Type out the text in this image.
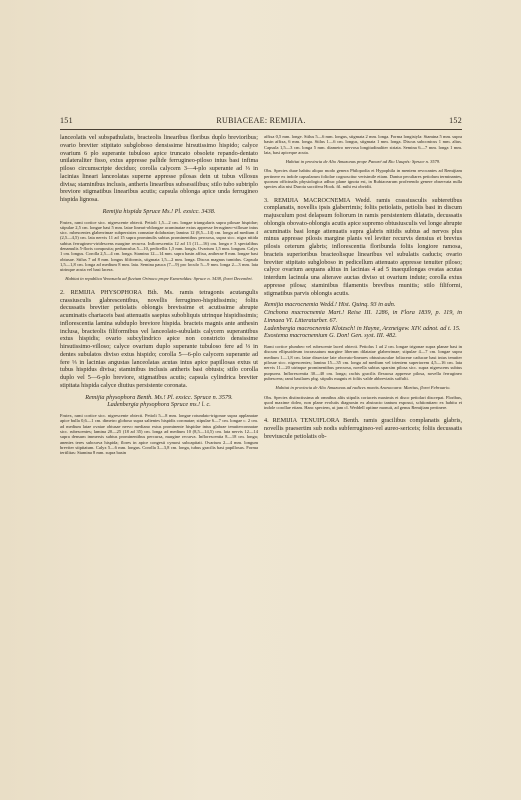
151	RUBIACEAE: REMIJIA.	152

lanceolatis vel subspathulatis, bracteolis linearibus floribus duplo brevioribus; ovario breviter stipitato subgloboso densissime hirsutissimo hispido; calyce ovarium 6 plo superante tubuloso apice truncato obsolete repando-dentato unilateraliter fisso, extus appresse pallide ferrugineo-piloso intus basi infima piloso circumscripte deciduo; corolla calycem 3—4-plo superante ad ⅓ in lacinias lineari lanceolatas superne appresse pilosas dein ut tubus villosus divisa; staminibus inclusis, antheris linearibus subsessilibus; stilo tubo subtriplo breviore stigmatibus linearibus acutis; capsula oblonga apice unda ferrugineo hispida lignosa.

Remijia hispida Spruce Ms.! Pl. exsicc. 3438.

Frutex, rami cortice sicc. nigrescente obtecti. Petioli 1,5—2 cm. longae triangularis supra pilosae hispidae; stipulae 2,5 cm. longae basi 5 mm. latae lineari-oblongae acuminatae extus appresse ferrugineo-villosae intus sicc. rubescentes glaberrimae subpersistes connatae dolabratae; lamina 12 (8,5—14) cm. longa ad medium 4 (2,5—4,5) cm. lata nervis 11 ad 15 supra prominulis subtus prominentibus percursa, supra sicc. nigra nitida subtus ferrugineo-viridescens margine recurva. Inflorescentia 12 ad 13 (11—16) cm. longa e 3 specialibus denamulis 5-floris composita; pedunculus 5—10, pedicellis 1,5 mm. longis. Ovarium 1,5 mm. longum. Calyx 1 cm. longus. Corolla 2,5—4 cm. longa. Stamina 12—14 mm. supra basin affixa, antherae 8 mm. longae basi obtusae. Stilus 7 ad 8 mm. longus filiformis, stigmata 1,5—2 mm. longa. Discus magnus tumidus. Capsula 1,5—1,8 cm. longa ad medium 8 mm. lata. Semina pauca (7—9) pro loculo 5—9 mm. longa 2—3 mm. lata utrinque acuta vel basi lacera.

Habitat in republica Venezuela ad fluvium Orinoco prope Esmeraldas: Spruce n. 3438, floret Decembri.

2. REMIJIA PHYSOPHORA Bth. Ms. ramis tetragonis acutangulis crassiusculis glabrescentibus, novellis ferrugineo-hispidissimis; foliis decussatis breviter petiolatis oblongis brevissime et acutissime abrupte acuminatis chartaceis basi attenuatis saepius subobliquis utrinque hispidissimis; inflorescentia lamina subduplo breviore hispida. bracteis magnis ante anthesin inclusa, bracteolis filiformibus vel lanceolato-subulatis calycem superantibus extus hispidis; ovario subcylindrico apice non constricto densissime hirsutissimo-villoso; calyce ovarium duplo superante tubuloso fere ad ⅓ in dentes subulatos diviso extus hispido; corolla 5—6-plo calycem superante ad fere ⅓ in lacinias angustas lanceolatas acutas intus apice papillosas extus ut tubus hispidus divisa; staminibus inclusis antheris basi obtusis; stilo corolla duplo vel 5—6-plo breviore, stigmatibus acutis; capsula cylindrica breviter stipitata hispida calyce diutius persistente coronata.

Remijia physophora Benth. Ms.! Pl. exsicc. Spruce n. 3579.

Ladenbergia physophora Spruce ms.! l. c.

Frutex, rami cortice sicc. nigrescente obtecti. Petioli 5—8 mm. longae rotundato-trigonae supra applanatae apice bulla 0,6—1 cm. dimetro globoso supra salientes hispidis coronatae; stipulae 6—7 cm. longae c. 2 cm. ad medium latae ovatae obtusae nervo mediano extus prominente hispidae intus glabrae tenuiterconnatae sicc. rubescentes; lamina 20—25 (18 ad 35) cm. longa ad medium 10 (8,5—14,5) cm. lata nervis 12—14 supra densum immersis subtus prominentibus percursa, margine recurva. Inflorescentia 8—18 cm. longa; anenies teres subcurva hispida; flores in apice congesti cymosi subcapitati. Ovarium 2—4 mm. longum breviter stipitatum. Calyx 5—6 mm. longus. Corolla 3—3,8 cm. longa, tubus gracilis basi papillosus. Forma tertilitas: Stamina 8 mm. supra basin

affixa 0,5 mm. longe. Stilus 5—6 mm. longus, stigmata 2 mm. longa. Forma longistyla: Stamina 5 mm. supra basin affixa, 6 mm. longa. Stilus 1—6 cm. longus, stigmata 1 mm. longa. Discus subconicus 1 mm. altus. Capsula 1,5—3 cm. longa 5 mm. diametro nervosa longitudinaliter striata. Semina 6—7 mm. longa 1 mm. lata, basi apiceque acuta.

Habitat in provincia de Alto Amazonas prope Panuré ad Rio Uaupés: Spruce n. 3579.

Obs. Species duae habitu aliquo modo genera Philopodia et Hypophila in mentem revocantes ad Remijiam pertinere ex indole capsularum foliolae cognoscitur verisimile etiam. Dantur peculiares petiolum terminantes, quorum officinalis physiologica adhuc plane ignota est, in Rubiacearum proferendo genere observata nulla species alia nisi Duroia saccifera Hook. fil. mihi est obvidit.

3. REMIJIA MACROCNEMIA Wedd. ramis crassiusculis subteretibus complanatis, novellis ipsis glaberrimis; foliis petiolatis, petiolis basi in discum majusculum post delapsum foliorum in ramis persistentem dilatatis, decussatis oblongis obovato-oblongis acutis apice supremo obtusiusculis vel longe abrupte acuminatis basi longe attenuatis supra glabris nitidis subtus ad nervos plus minus appresse pilosis margine planis vel leviter recurvis densius et brevius pilosis ceterum glabris; inflorescentia floribunda foliis longiore ramosa, bracteis superioribus bracteolisque linearibus vel subulatis caducis; ovario breviter stipitato subgloboso in pedicellum attenuato appresse tenuiter piloso; calyce ovarium aequans altius in lacinias 4 ad 5 inaequilongas ovatas acutas interdum lacinula una alterave auctas diviso ut ovarium indute; corolla extus appresse pilosa; staminibus filamentis brevibus munitis; stilo filiformi, stigmatibus parvis oblongis acutis.

Remijia macrocnemia Wedd.! Hist. Quinq. 93 in adn.

Cinchona macrocnemia Mart.! Reise III. 1286, in Flora 1839, p. 119, in Linnaea VI. Litteraturber. 67.

Ladenbergia macrocnemia Klotzsch! in Hayne, Arzneigew. XIV. adnot. ad t. 15.

Exostema macrocnemium G. Don! Gen. syst. III. 482.

Rami cortice plumbeo vel rubescente lacerl obtecti. Petiolus 1 ad 2 cm. longae trigonae supra planae basi in discum ellipsoideum incrassatum margine liberum dilatatae glaberrimae; stipulae 4—7 cm. longae supra medium 1—1,8 cm. latae dissectae late obovato-lineares obtusiusculae foliaceae caducae basi intus tenuiter pilosae sicc. nigrescentes; lamina 15—35 cm. longa ad medium vel trientem superiorem 4,5—16 cm. lata nervis 11—20 utrinque prominentibus percursa, novella subtus sparsim pilosa sicc. supra nigrescens subtus purpurea. Inflorescentia 30—40 cm. longa; rachis gracilis flexuosa appresse pilosa, novella ferrugineo pubescens; rami basilares pbg. stipulis magnis et foliis valde abbreviatis suffulti.

Habitat in provincia de Alto Amazonas ad radices montis Araracoara: Martius, floret Februario.

Obs. Species distinctissima ab omnibus aliis stipulis coriaceis maximis et disco petiolari discrepat. Floribus, quod maxime doleo, non plane evolutis diagnosin ex abstracto tantum exposui, schiiontiaeo ex habitu et indole corollae etiam. Hanc speciem, ut jam cl. Weddell optime monuit, ad genus Remijiam pertinere.

4. REMIJIA TENUIFLORA Benth. ramis gracilibus complanatis glabris, novellis praesertim sub nodis subferrugineo-vel aureo-sericeis; foliis decussatis breviuscule petiolatis ob-
